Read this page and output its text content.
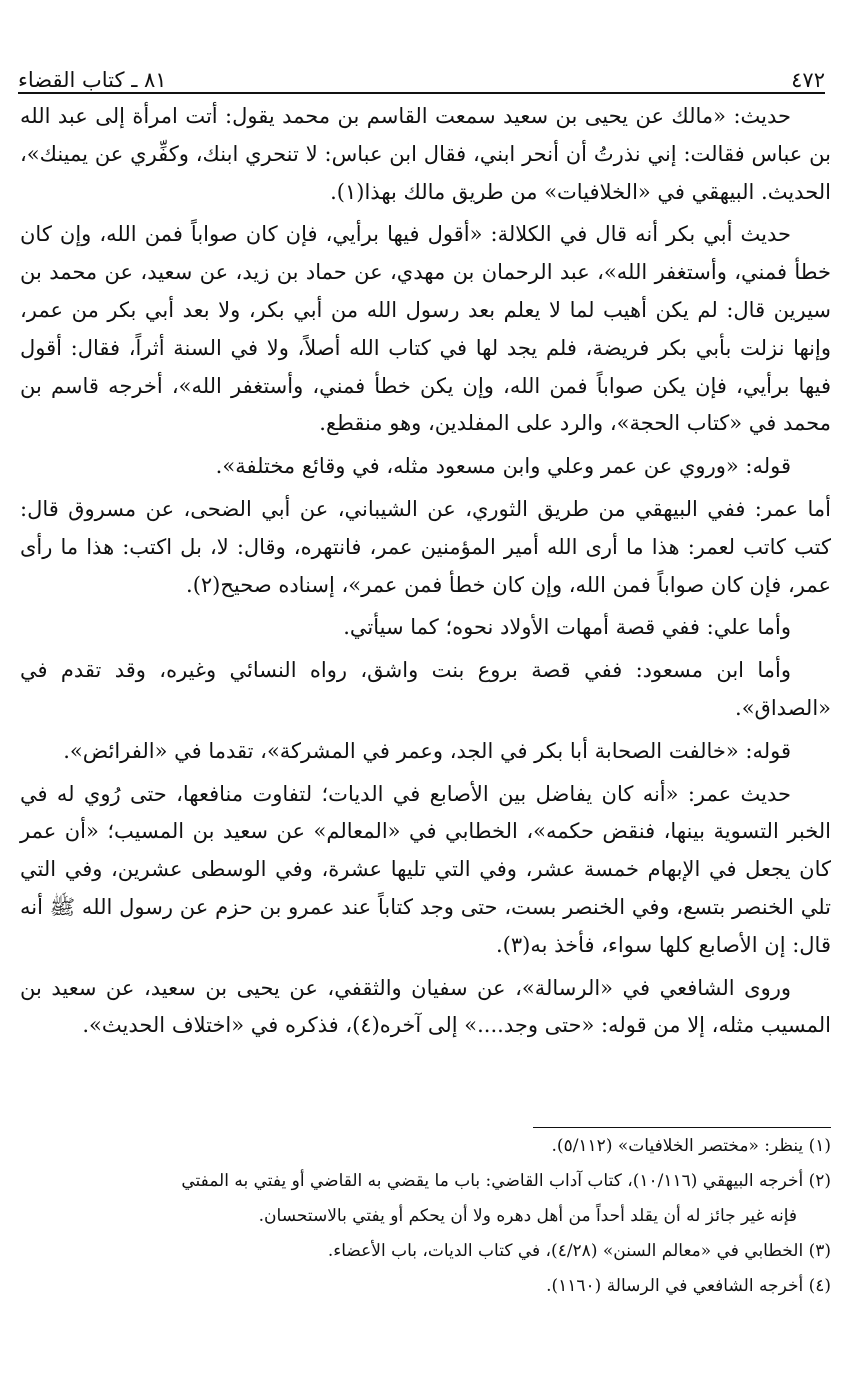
٤٧٢
٨١ ـ كتاب القضاء

حديث: «مالك عن يحيى بن سعيد سمعت القاسم بن محمد يقول: أتت امرأة إلى عبد الله بن عباس فقالت: إني نذرتُ أن أنحر ابني، فقال ابن عباس: لا تنحري ابنك، وكفِّري عن يمينك»، الحديث. البيهقي في «الخلافيات» من طريق مالك بهذا(١).

حديث أبي بكر أنه قال في الكلالة: «أقول فيها برأيي، فإن كان صواباً فمن الله، وإن كان خطأ فمني، وأستغفر الله»، عبد الرحمان بن مهدي، عن حماد بن زيد، عن سعيد، عن محمد بن سيرين قال: لم يكن أهيب لما لا يعلم بعد رسول الله من أبي بكر، ولا بعد أبي بكر من عمر، وإنها نزلت بأبي بكر فريضة، فلم يجد لها في كتاب الله أصلاً، ولا في السنة أثراً، فقال: أقول فيها برأيي، فإن يكن صواباً فمن الله، وإن يكن خطأ فمني، وأستغفر الله»، أخرجه قاسم بن محمد في «كتاب الحجة»، والرد على المفلدين، وهو منقطع.

قوله: «وروي عن عمر وعلي وابن مسعود مثله، في وقائع مختلفة».

أما عمر: ففي البيهقي من طريق الثوري، عن الشيباني، عن أبي الضحى، عن مسروق قال: كتب كاتب لعمر: هذا ما أرى الله أمير المؤمنين عمر، فانتهره، وقال: لا، بل اكتب: هذا ما رأى عمر، فإن كان صواباً فمن الله، وإن كان خطأ فمن عمر»، إسناده صحيح(٢).

وأما علي: ففي قصة أمهات الأولاد نحوه؛ كما سيأتي.

وأما ابن مسعود: ففي قصة بروع بنت واشق، رواه النسائي وغيره، وقد تقدم في «الصداق».

قوله: «خالفت الصحابة أبا بكر في الجد، وعمر في المشركة»، تقدما في «الفرائض».

حديث عمر: «أنه كان يفاضل بين الأصابع في الديات؛ لتفاوت منافعها، حتى رُوي له في الخبر التسوية بينها، فنقض حكمه»، الخطابي في «المعالم» عن سعيد بن المسيب؛ «أن عمر كان يجعل في الإبهام خمسة عشر، وفي التي تليها عشرة، وفي الوسطى عشرين، وفي التي تلي الخنصر بتسع، وفي الخنصر بست، حتى وجد كتاباً عند عمرو بن حزم عن رسول الله ﷺ أنه قال: إن الأصابع كلها سواء، فأخذ به(٣).

وروى الشافعي في «الرسالة»، عن سفيان والثقفي، عن يحيى بن سعيد، عن سعيد بن المسيب مثله، إلا من قوله: «حتى وجد....» إلى آخره(٤)، فذكره في «اختلاف الحديث».

(١) ينظر: «مختصر الخلافيات» (٥/١١٢).

(٢) أخرجه البيهقي (١٠/١١٦)، كتاب آداب القاضي: باب ما يقضي به القاضي أو يفتي به المفتي

فإنه غير جائز له أن يقلد أحداً من أهل دهره ولا أن يحكم أو يفتي بالاستحسان.

(٣) الخطابي في «معالم السنن» (٤/٢٨)، في كتاب الديات، باب الأعضاء.

(٤) أخرجه الشافعي في الرسالة (١١٦٠).
